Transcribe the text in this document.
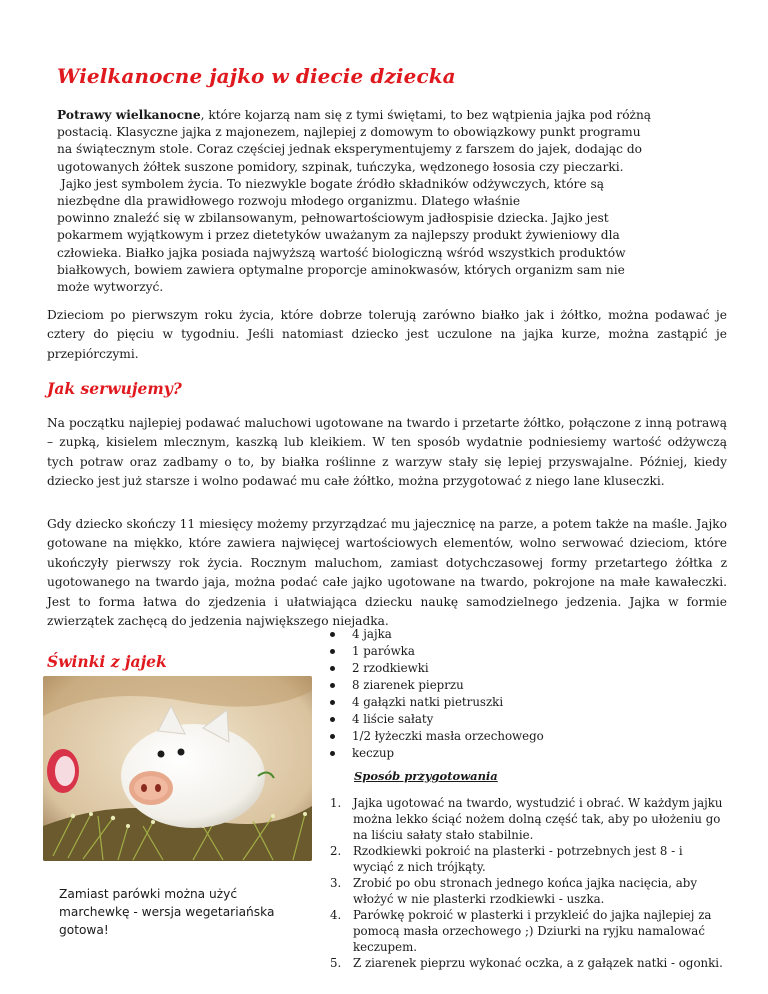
Wielkanocne jajko w diecie dziecka

Potrawy wielkanocne, które kojarzą nam się z tymi świętami, to bez wątpienia jajka pod różną
postacią. Klasyczne jajka z majonezem, najlepiej z domowym to obowiązkowy punkt programu
na świątecznym stole. Coraz częściej jednak eksperymentujemy z farszem do jajek, dodając do
ugotowanych żółtek suszone pomidory, szpinak, tuńczyka, wędzonego łososia czy pieczarki.
Jajko jest symbolem życia. To niezwykle bogate źródło składników odżywczych, które są
niezbędne dla prawidłowego rozwoju młodego organizmu. Dlatego właśnie
powinno znaleźć się w zbilansowanym, pełnowartościowym jadłospisie dziecka. Jajko jest
pokarmem wyjątkowym i przez dietetyków uważanym za najlepszy produkt żywieniowy dla
człowieka. Białko jajka posiada najwyższą wartość biologiczną wśród wszystkich produktów
białkowych, bowiem zawiera optymalne proporcje aminokwasów, których organizm sam nie
może wytworzyć.

Dzieciom po pierwszym roku życia, które dobrze tolerują zarówno białko jak i żółtko, można podawać je cztery do pięciu w tygodniu. Jeśli natomiast dziecko jest uczulone na jajka kurze, można zastąpić je przepiórczymi.

Jak serwujemy?

Na początku najlepiej podawać maluchowi ugotowane na twardo i przetarte żółtko, połączone z inną potrawą – zupką, kisielem mlecznym, kaszką lub kleikiem. W ten sposób wydatnie podniesiemy wartość odżywczą tych potraw oraz zadbamy o to, by białka roślinne z warzyw stały się lepiej przyswajalne. Później, kiedy dziecko jest już starsze i wolno podawać mu całe żółtko, można przygotować z niego lane kluseczki.

Gdy dziecko skończy 11 miesięcy możemy przyrządzać mu jajecznicę na parze, a potem także na maśle. Jajko gotowane na miękko, które zawiera najwięcej wartościowych elementów, wolno serwować dzieciom, które ukończyły pierwszy rok życia. Rocznym maluchom, zamiast dotychczasowej formy przetartego żółtka z ugotowanego na twardo jaja, można podać całe jajko ugotowane na twardo, pokrojone na małe kawałeczki. Jest to forma łatwa do zjedzenia i ułatwiająca dziecku naukę samodzielnego jedzenia. Jajka w formie zwierzątek zachęcą do jedzenia największego niejadka.

Świnki z jajek

Zamiast parówki można użyć marchewkę - wersja wegetariańska gotowa!

4 jajka
1 parówka
2 rzodkiewki
8 ziarenek pieprzu
4 gałązki natki pietruszki
4 liście sałaty
1/2 łyżeczki masła orzechowego
keczup

Sposób przygotowania

1. Jajka ugotować na twardo, wystudzić i obrać. W każdym jajku można lekko ściąć nożem dolną część tak, aby po ułożeniu go na liściu sałaty stało stabilnie.
2. Rzodkiewki pokroić na plasterki - potrzebnych jest 8 - i wyciąć z nich trójkąty.
3. Zrobić po obu stronach jednego końca jajka nacięcia, aby włożyć w nie plasterki rzodkiewki - uszka.
4. Parówkę pokroić w plasterki i przykleić do jajka najlepiej za pomocą masła orzechowego ;) Dziurki na ryjku namalować keczupem.
5. Z ziarenek pieprzu wykonać oczka, a z gałązek natki - ogonki.
